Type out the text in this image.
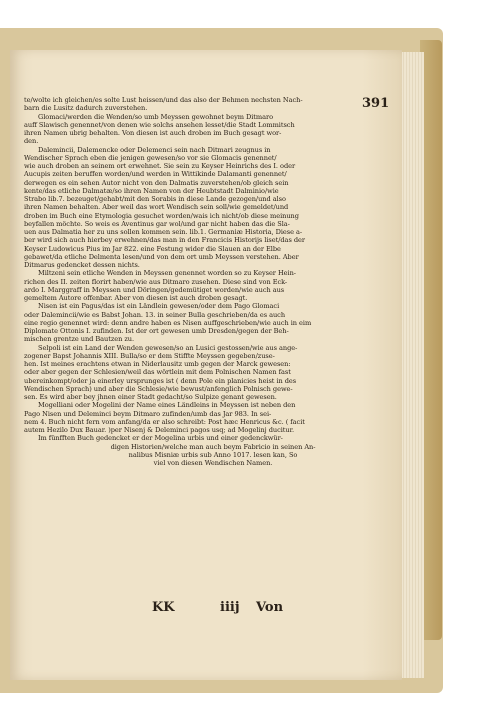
391

te/wolte ich gleichen/es solte Lust heissen/und das also der Behmen nechsten Nach-

barn die Lusitz dadurch zuverstehen.

Glomaci/werden die Wenden/so umb Meyssen gewohnet beym Ditmaro

auff Slawisch genennet/von denen wie solchs ansehen lesset/die Stadt Lommitsch

ihren Namen ubrig behalten. Von diesen ist auch droben im Buch gesagt wor-

den.

Dalemincii, Dalemencke oder Delemenci sein nach Ditmari zeugnus in

Wendischer Sprach eben die jenigen gewesen/so vor sie Glomacis genennet/

wie auch droben an seinem ort erwehnet. Sie sein zu Keyser Heinrichs des I. oder

Aucupis zeiten beruffen worden/und werden in Wittikinde Dalamanti genennet/

derwegen es ein sehen Autor nicht von den Dalmatis zuverstehen/ob gleich sein

kente/das etliche Dalmatæ/so ihren Namen von der Heubtstadt Dalminio/wie

Strabo lib.7. bezeuget/gehabt/mit den Sorabis in diese Lande gezogen/und also

ihren Namen behalten. Aber weil das wort Wendisch sein soll/wie gemeldet/und

droben im Buch eine Etymologia gesuchet worden/wais ich nicht/ob diese meinung

beyfallen möchte. So weis es Aventinus gar wol/und gar nicht haben das die Sla-

uen aus Dalmatia her zu uns sollen kommen sein. lib.1. Germaniæ Historia, Diese a-

ber wird sich auch hierbey erwehnen/das man in den Francicis Historijs liset/das der

Keyser Ludowicus Pius im Jar 822. eine Festung wider die Slauen an der Elbe

gebawet/da etliche Delmenta lesen/und von dem ort umb Meyssen verstehen. Aber

Ditmarus gedencket dessen nichts.

Miltzeni sein etliche Wenden in Meyssen genennet worden so zu Keyser Hein-

richen des II. zeiten florirt haben/wie aus Ditmaro zusehen. Diese sind von Eck-

ardo I. Marggraff in Meyssen und Döringen/gedemütiget worden/wie auch aus

gemeltem Autore offenbar. Aber von diesen ist auch droben gesagt.

Nisen ist ein Pagus/das ist ein Ländlein gewesen/oder dem Pago Glomaci

oder Dalemincii/wie es Babst Johan. 13. in seiner Bulla geschrieben/da es auch

eine regio genennet wird: denn andre haben es Nisen auffgeschrieben/wie auch in eim

Diplomate Ottonis I. zufinden. Ist der ort gewesen umb Dresden/gegen der Beh-

mischen grentze und Bautzen zu.

Selpoli ist ein Land der Wenden gewesen/so an Lusici gestossen/wie aus ange-

zogener Bapst Johannis XIII. Bulla/so er dem Stiffte Meyssen gegeben/zuse-

hen. Ist meines erachtens etwan in Niderlausitz umb gegen der Marck gewesen:

oder aber gegen der Schlesien/weil das wörtlein mit dem Polnischen Namen fast

ubereinkompt/oder ja einerley ursprunges ist ( denn Pole ein planicies heist in des

Wendischen Sprach) und aber die Schlesie/wie bewust/anfenglich Polnisch gewe-

sen. Es wird aber bey jhnen einer Stadt gedacht/so Sulpize genant gewesen.

Mogelliani oder Mogelini der Name eines Ländleins in Meyssen ist neben den

Pago Nisen und Deleminci beym Ditmaro zufinden/umb das Jar 983. In sei-

nem 4. Buch nicht fern vom anfang/da er also schreibt: Post hæc Henricus &c. ( facit

autem Hezilo Dux Bauar. )per Nisenj & Deleminci pagos usq; ad Mogelinj ducitur.

Im fünfften Buch gedencket er der Mogelina urbis und einer gedenckwür-

digen Historien/welche man auch beym Fabricio in seinen An-

nalibus Misniæ urbis sub Anno 1017. lesen kan, So

viel von diesen Wendischen Namen.

KK	iiij Von
